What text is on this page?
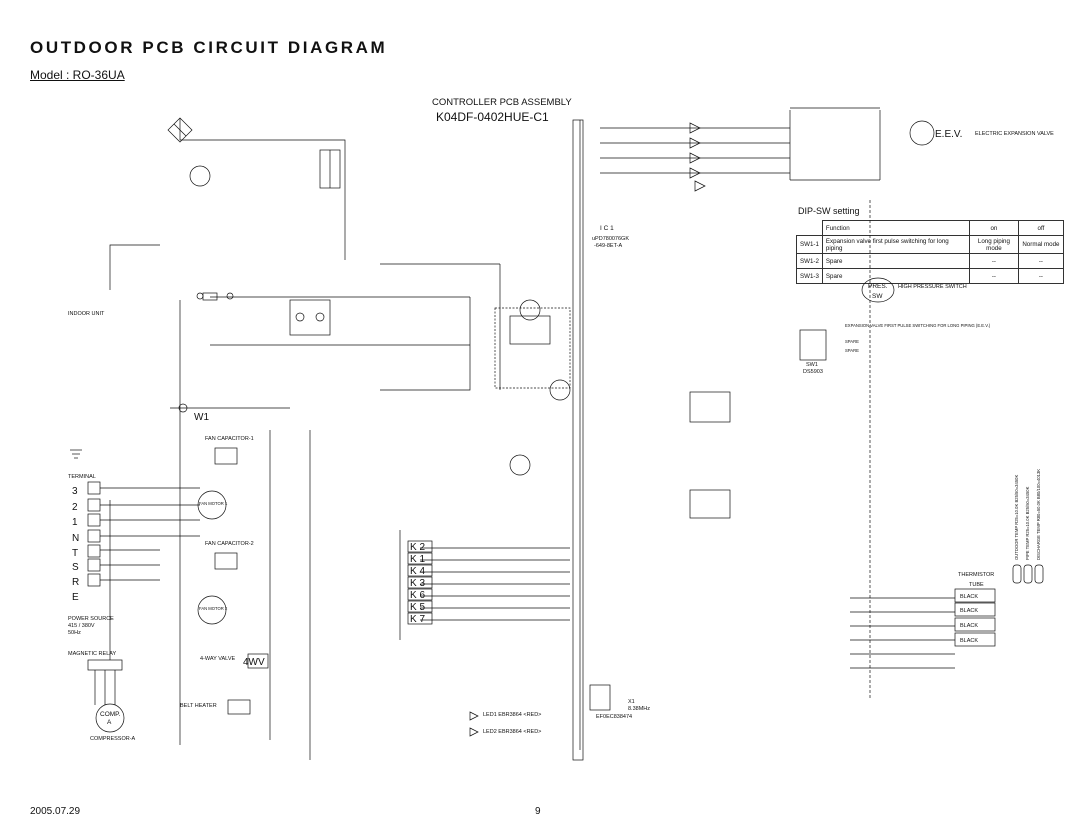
OUTDOOR PCB CIRCUIT DIAGRAM
Model : RO-36UA
CONTROLLER PCB ASSEMBLY
K04DF-0402HUE-C1
DIP-SW setting
	Function	on	off
SW1-1	Expansion valve first pulse switching for long piping	Long piping mode	Normal mode
SW1-2	Spare	--	--
SW1-3	Spare	--	--
E.E.V. ELECTRIC EXPANSION VALVE
PRES.
SW
HIGH PRESSURE SWITCH
THERMISTOR
TUBE
BLACK
BLACK
BLACK
BLACK
INDOOR UNIT
TERMINAL
POWER SOURCE
415 / 380V
50Hz
MAGNETIC RELAY
COMP.
A
COMPRESSOR-A
FAN MOTOR 1
FAN MOTOR 2
FAN CAPACITOR-1
FAN CAPACITOR-2
4-WAY VALVE 4WV
BELT HEATER
W1
I C 1
uPD780076GK
-649-8ET-A
X1
8.38MHz
EF0EC838474
SW1
DS5903
LED1 EBR3864 <RED>
LED2 EBR3864 <RED>
EXPANSION VALVE FIRST PULSE SWITCHING FOR LONG PIPING (E.E.V.)
SPARE
SPARE
3
2
1
N
T
S
R
E
K 2
K 1
K 4
K 3
K 6
K 5
K 7
OUTDOOR TEMP R25=10.0K B25/50=3450K PIPE TEMP R25=10.0K B25/50=3450K DISCHARGE TEMP R80=50.0K B80/100=4013K
2005.07.29	9
